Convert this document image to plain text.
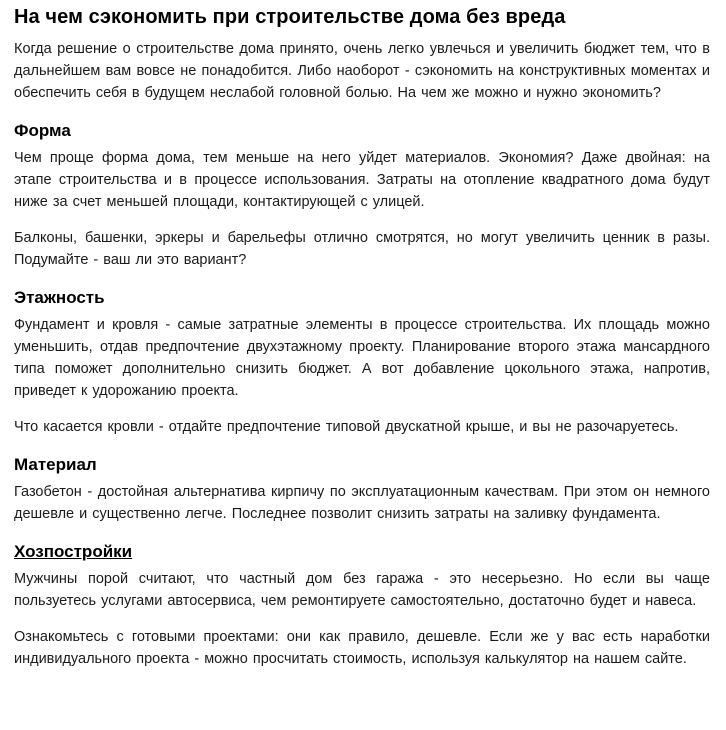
На чем сэкономить при строительстве дома без вреда

Когда решение о строительстве дома принято, очень легко увлечься и увеличить бюджет тем, что в дальнейшем вам вовсе не понадобится. Либо наоборот - сэкономить на конструктивных моментах и обеспечить себя в будущем неслабой головной болью. На чем же можно и нужно экономить?

Форма

Чем проще форма дома, тем меньше на него уйдет материалов. Экономия? Даже двойная: на этапе строительства и в процессе использования. Затраты на отопление квадратного дома будут ниже за счет меньшей площади, контактирующей с улицей.

Балконы, башенки, эркеры и барельефы отлично смотрятся, но могут увеличить ценник в разы. Подумайте - ваш ли это вариант?

Этажность

Фундамент и кровля - самые затратные элементы в процессе строительства. Их площадь можно уменьшить, отдав предпочтение двухэтажному проекту. Планирование второго этажа мансардного типа поможет дополнительно снизить бюджет. А вот добавление цокольного этажа, напротив, приведет к удорожанию проекта.

Что касается кровли - отдайте предпочтение типовой двускатной крыше, и вы не разочаруетесь.

Материал

Газобетон - достойная альтернатива кирпичу по эксплуатационным качествам. При этом он немного дешевле и существенно легче. Последнее позволит снизить затраты на заливку фундамента.

Хозпостройки

Мужчины порой считают, что частный дом без гаража - это несерьезно. Но если вы чаще пользуетесь услугами автосервиса, чем ремонтируете самостоятельно, достаточно будет и навеса.

Ознакомьтесь с готовыми проектами: они как правило, дешевле. Если же у вас есть наработки индивидуального проекта - можно просчитать стоимость, используя калькулятор на нашем сайте.
